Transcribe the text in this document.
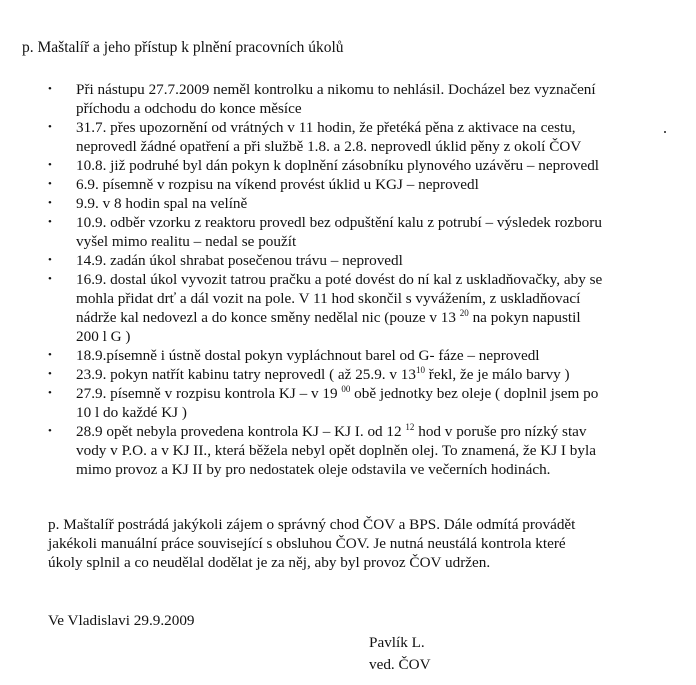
p. Maštalíř a jeho přístup k plnění pracovních úkolů
• Při nástupu 27.7.2009 neměl kontrolku a nikomu to nehlásil. Docházel bez vyznačení
příchodu a odchodu do konce měsíce
• 31.7. přes upozornění od vrátných v 11 hodin, že přetéká pěna z aktivace na cestu,
neprovedl žádné opatření a při službě 1.8. a 2.8. neprovedl úklid pěny z okolí ČOV
• 10.8. již podruhé byl dán pokyn k doplnění zásobníku plynového uzávěru – neprovedl
• 6.9. písemně v rozpisu na víkend provést úklid u KGJ – neprovedl
• 9.9. v 8 hodin spal na velíně
• 10.9. odběr vzorku z reaktoru provedl bez odpuštění kalu z potrubí – výsledek rozboru
vyšel mimo realitu – nedal se použít
• 14.9. zadán úkol shrabat posečenou trávu – neprovedl
• 16.9. dostal úkol vyvozit tatrou pračku a poté dovést do ní kal z uskladňovačky, aby se
mohla přidat drť a dál vozit na pole. V 11 hod skončil s vyvážením, z uskladňovací
nádrže kal nedovezl a do konce směny nedělal nic (pouze v 13 $^{20}$ na pokyn napustil
200 l G )
• 18.9.písemně i ústně dostal pokyn vypláchnout barel od G- fáze – neprovedl
• 23.9. pokyn natřít kabinu tatry neprovedl ( až 25.9. v $13^{10}$ řekl, že je málo barvy )
• 27.9. písemně v rozpisu kontrola KJ – v 19 $^{00}$ obě jednotky bez oleje ( doplnil jsem po
10 l do každé KJ )
• 28.9 opět nebyla provedena kontrola KJ – KJ I. od 12 $^{12}$ hod v poruše pro nízký stav
vody v P.O. a v KJ II., která běžela nebyl opět doplněn olej. To znamená, že KJ I byla
mimo provoz a KJ II by pro nedostatek oleje odstavila ve večerních hodinách.
p. Maštalíř postrádá jakýkoli zájem o správný chod ČOV a BPS. Dále odmítá provádět
jakékoli manuální práce související s obsluhou ČOV. Je nutná neustálá kontrola které
úkoly splnil a co neudělal dodělat je za něj, aby byl provoz ČOV udržen.
Ve Vladislavi 29.9.2009
Pavlík L.
ved. ČOV
